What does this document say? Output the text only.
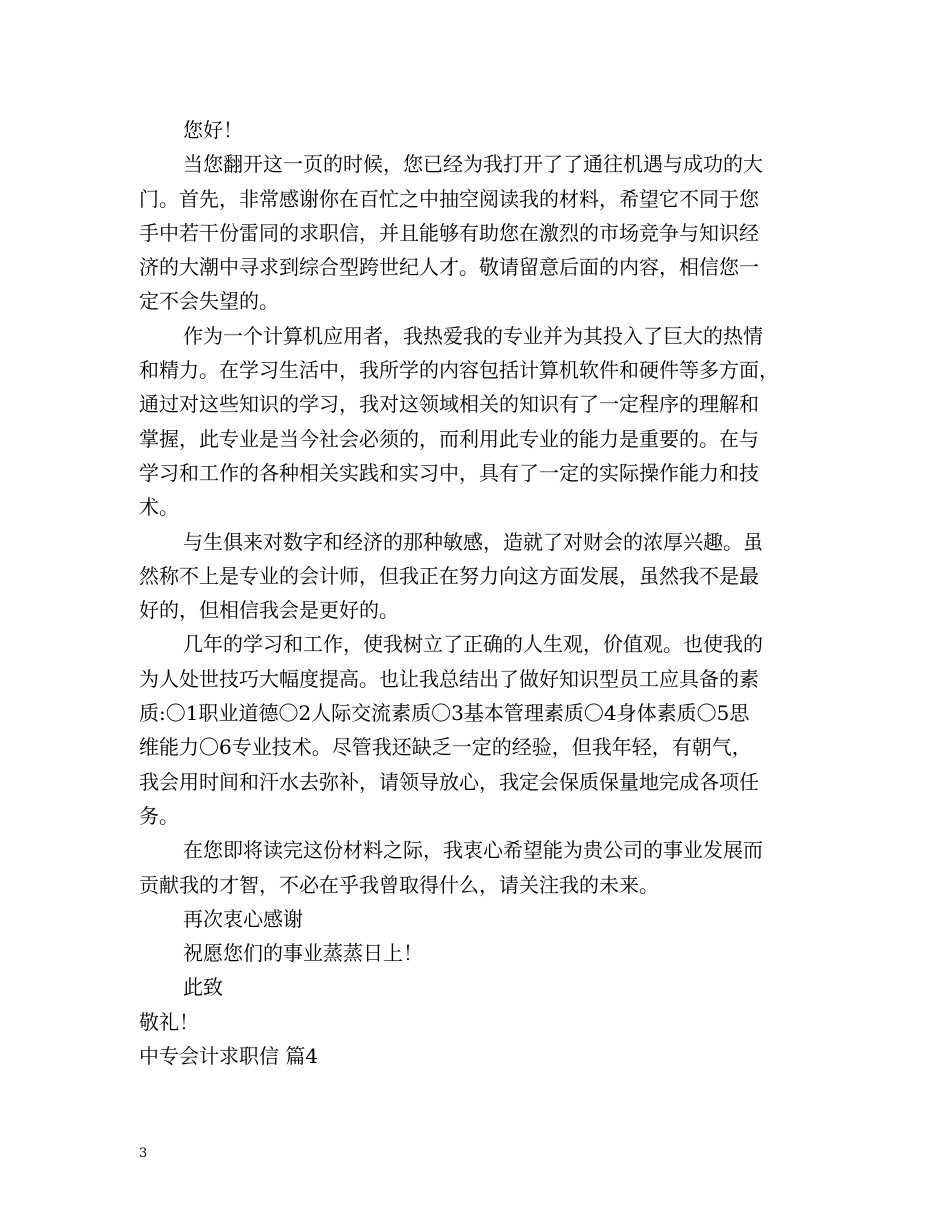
您好！
当您翻开这一页的时候，您已经为我打开了了通往机遇与成功的大
门。首先，非常感谢你在百忙之中抽空阅读我的材料，希望它不同于您
手中若干份雷同的求职信，并且能够有助您在激烈的市场竞争与知识经
济的大潮中寻求到综合型跨世纪人才。敬请留意后面的内容，相信您一
定不会失望的。
作为一个计算机应用者，我热爱我的专业并为其投入了巨大的热情
和精力。在学习生活中，我所学的内容包括计算机软件和硬件等多方面，
通过对这些知识的学习，我对这领域相关的知识有了一定程序的理解和
掌握，此专业是当今社会必须的，而利用此专业的能力是重要的。在与
学习和工作的各种相关实践和实习中，具有了一定的实际操作能力和技
术。
与生俱来对数字和经济的那种敏感，造就了对财会的浓厚兴趣。虽
然称不上是专业的会计师，但我正在努力向这方面发展，虽然我不是最
好的，但相信我会是更好的。
几年的学习和工作，使我树立了正确的人生观，价值观。也使我的
为人处世技巧大幅度提高。也让我总结出了做好知识型员工应具备的素
质:〇1职业道德〇2人际交流素质〇3基本管理素质〇4身体素质〇5思
维能力〇6专业技术。尽管我还缺乏一定的经验，但我年轻，有朝气，
我会用时间和汗水去弥补，请领导放心，我定会保质保量地完成各项任
务。
在您即将读完这份材料之际，我衷心希望能为贵公司的事业发展而
贡献我的才智，不必在乎我曾取得什么，请关注我的未来。
再次衷心感谢
祝愿您们的事业蒸蒸日上！
此致
敬礼！
中专会计求职信 篇4
3
